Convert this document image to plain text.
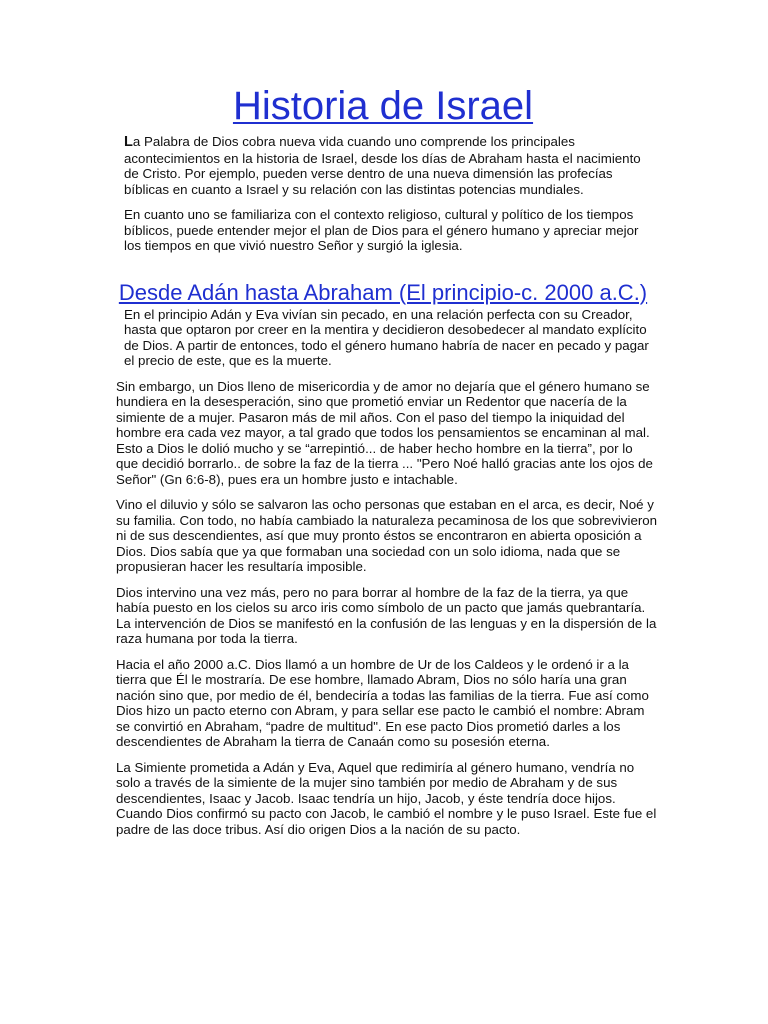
Historia de Israel

La Palabra de Dios cobra nueva vida cuando uno comprende los principales acontecimientos en la historia de Israel, desde los días de Abraham hasta el nacimiento de Cristo. Por ejemplo, pueden verse dentro de una nueva dimensión las profecías bíblicas en cuanto a Israel y su relación con las distintas potencias mundiales.

En cuanto uno se familiariza con el contexto religioso, cultural y político de los tiempos bíblicos, puede entender mejor el plan de Dios para el género humano y apreciar mejor los tiempos en que vivió nuestro Señor y surgió la iglesia.

Desde Adán hasta Abraham (El principio-c. 2000 a.C.)

En el principio Adán y Eva vivían sin pecado, en una relación perfecta con su Creador, hasta que optaron por creer en la mentira y decidieron desobedecer al mandato explícito de Dios. A partir de entonces, todo el género humano habría de nacer en pecado y pagar el precio de este, que es la muerte.

Sin embargo, un Dios lleno de misericordia y de amor no dejaría que el género humano se hundiera en la desesperación, sino que prometió enviar un Redentor que nacería de la simiente de a mujer. Pasaron más de mil años. Con el paso del tiempo la iniquidad del hombre era cada vez mayor, a tal grado que todos los pensamientos se encaminan al mal. Esto a Dios le dolió mucho y se “arrepintió... de haber hecho hombre en la tierra”, por lo que decidió borrarlo.. de sobre la faz de la tierra ... "Pero Noé halló gracias ante los ojos de Señor" (Gn 6:6-8), pues era un hombre justo e intachable.

Vino el diluvio y sólo se salvaron las ocho personas que estaban en el arca, es decir, Noé y su familia. Con todo, no había cambiado la naturaleza pecaminosa de los que sobrevivieron ni de sus descendientes, así que muy pronto éstos se encontraron en abierta oposición a Dios. Dios sabía que ya que formaban una sociedad con un solo idioma, nada que se propusieran hacer les resultaría imposible.

Dios intervino una vez más, pero no para borrar al hombre de la faz de la tierra, ya que había puesto en los cielos su arco iris como símbolo de un pacto que jamás quebrantaría. La intervención de Dios se manifestó en la confusión de las lenguas y en la dispersión de la raza humana por toda la tierra.

Hacia el año 2000 a.C. Dios llamó a un hombre de Ur de los Caldeos y le ordenó ir a la tierra que Él le mostraría. De ese hombre, llamado Abram, Dios no sólo haría una gran nación sino que, por medio de él, bendeciría a todas las familias de la tierra. Fue así como Dios hizo un pacto eterno con Abram, y para sellar ese pacto le cambió el nombre: Abram se convirtió en Abraham, “padre de multitud". En ese pacto Dios prometió darles a los descendientes de Abraham la tierra de Canaán como su posesión eterna.

La Simiente prometida a Adán y Eva, Aquel que redimiría al género humano, vendría no solo a través de la simiente de la mujer sino también por medio de Abraham y de sus descendientes, Isaac y Jacob. Isaac tendría un hijo, Jacob, y éste tendría doce hijos. Cuando Dios confirmó su pacto con Jacob, le cambió el nombre y le puso Israel. Este fue el padre de las doce tribus. Así dio origen Dios a la nación de su pacto.
